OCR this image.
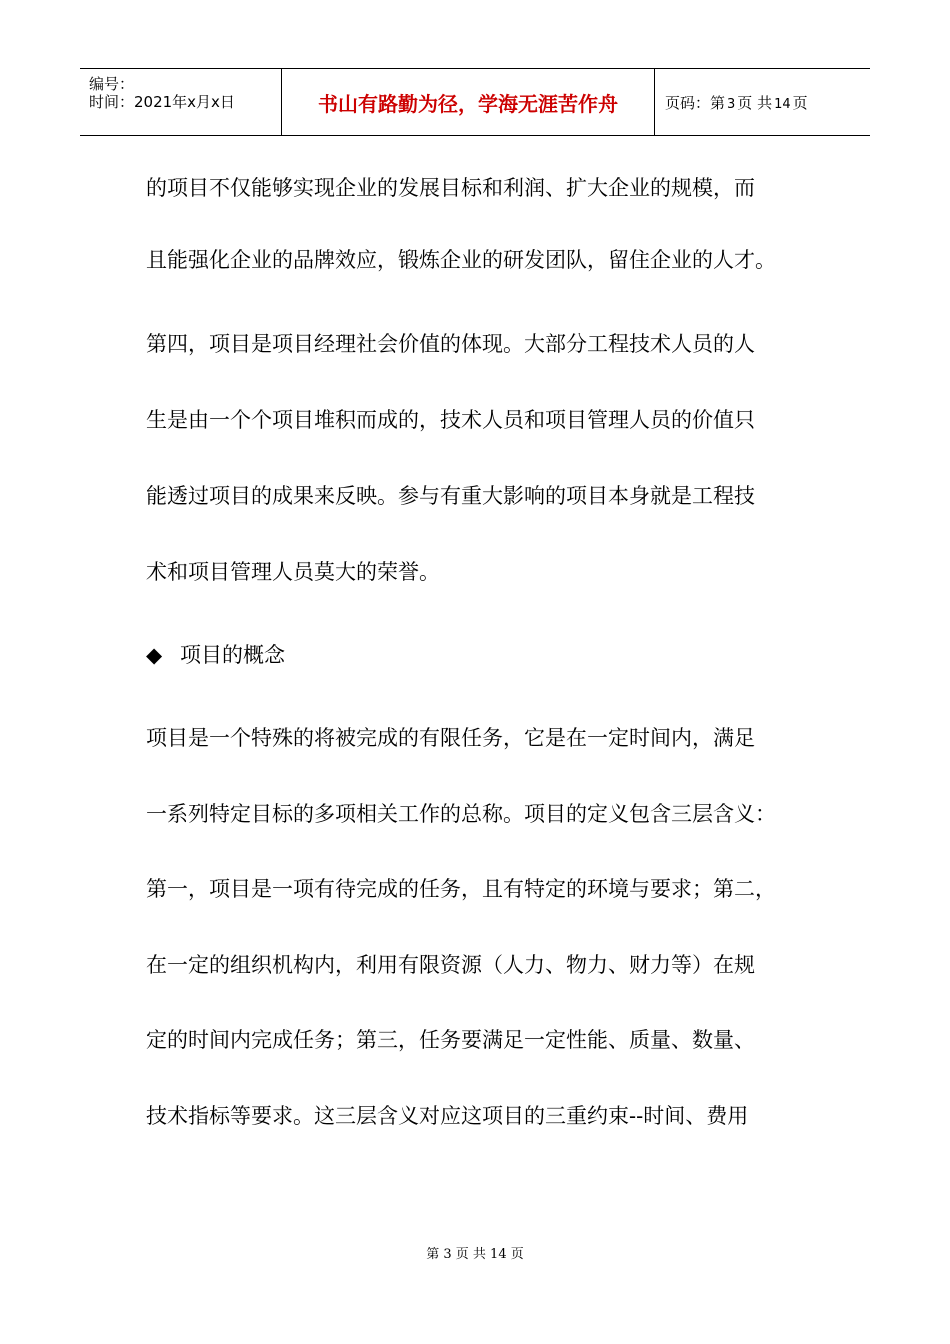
编号：
时间：2021年x月x日	书山有路勤为径，学海无涯苦作舟	页码：第 3 页 共 14 页
的项目不仅能够实现企业的发展目标和利润、扩大企业的规模，而
且能强化企业的品牌效应，锻炼企业的研发团队，留住企业的人才。
第四，项目是项目经理社会价值的体现。大部分工程技术人员的人
生是由一个个项目堆积而成的，技术人员和项目管理人员的价值只
能透过项目的成果来反映。参与有重大影响的项目本身就是工程技
术和项目管理人员莫大的荣誉。
◆ 项目的概念
项目是一个特殊的将被完成的有限任务，它是在一定时间内，满足
一系列特定目标的多项相关工作的总称。项目的定义包含三层含义：
第一，项目是一项有待完成的任务，且有特定的环境与要求；第二，
在一定的组织机构内，利用有限资源（人力、物力、财力等）在规
定的时间内完成任务；第三，任务要满足一定性能、质量、数量、
技术指标等要求。这三层含义对应这项目的三重约束--时间、费用
第 3 页 共 14 页
